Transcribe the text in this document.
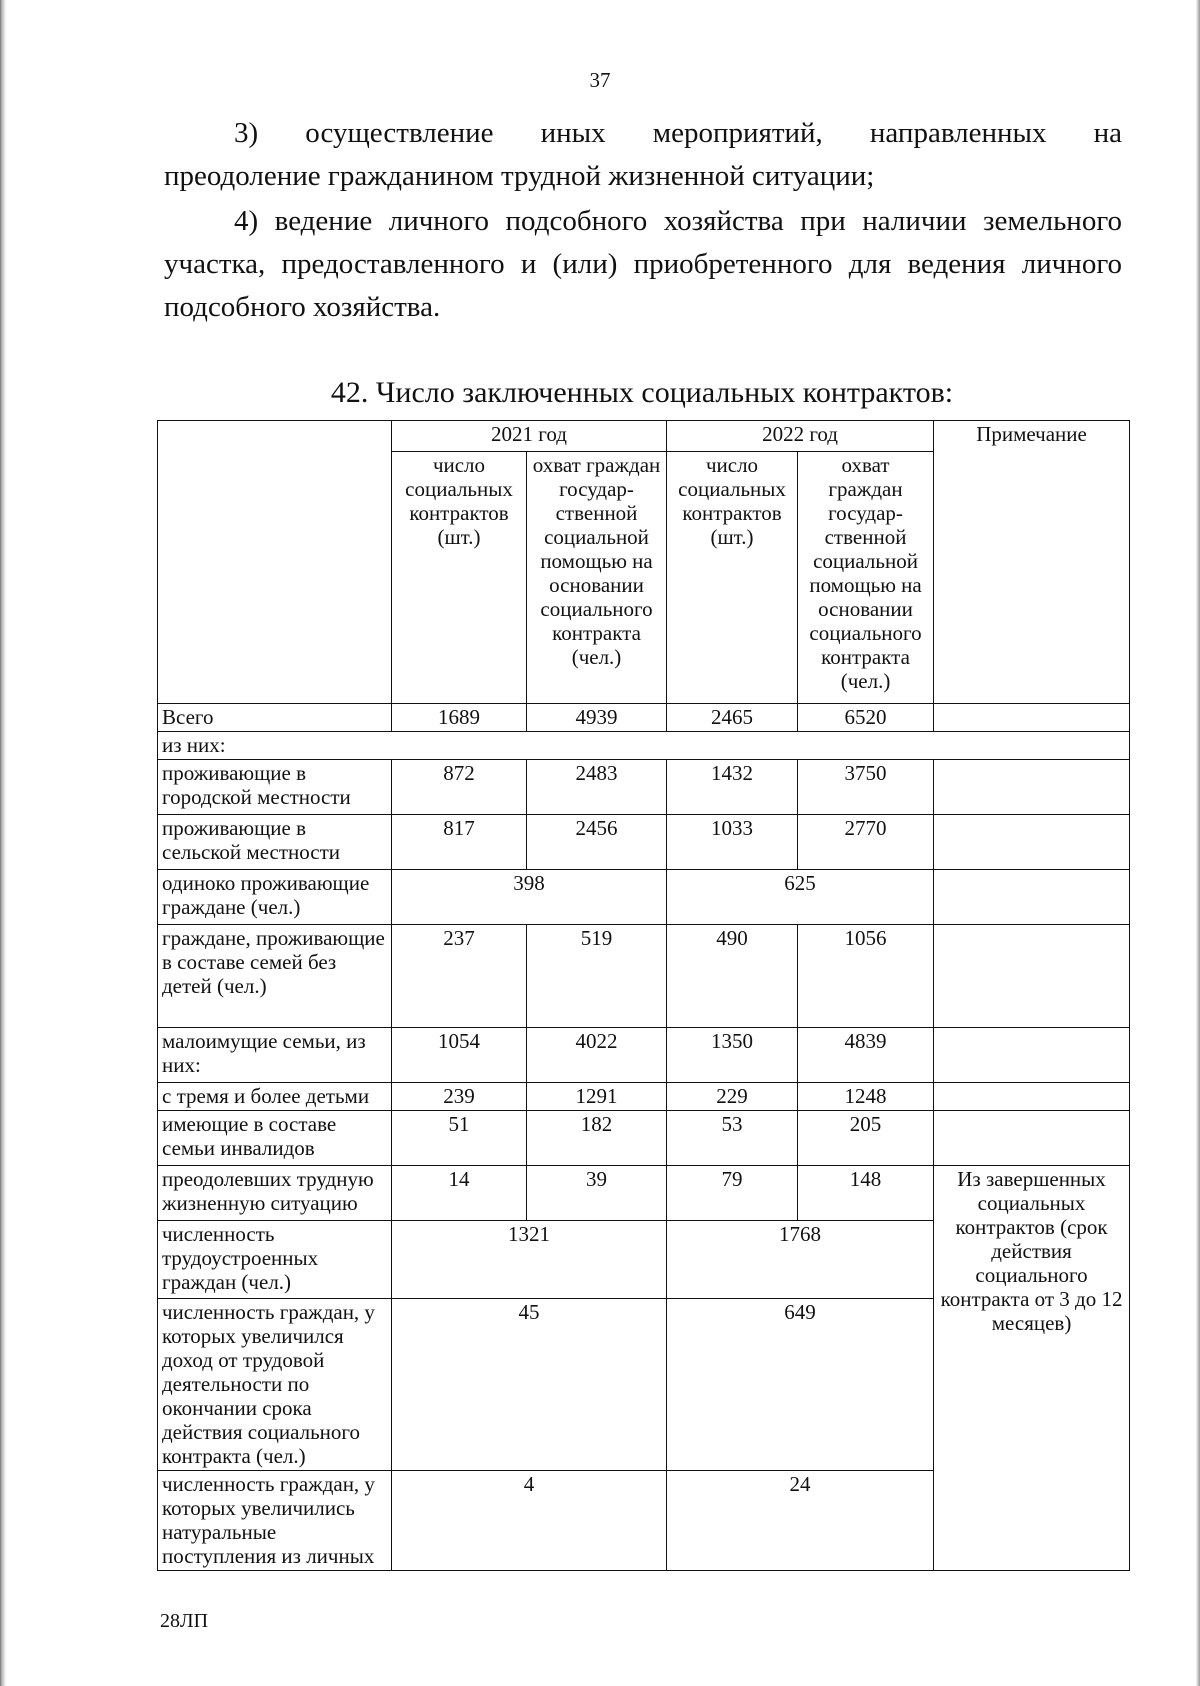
37
3) осуществление иных мероприятий, направленных на
преодоление гражданином трудной жизненной ситуации;
4) ведение личного подсобного хозяйства при наличии земельного
участка, предоставленного и (или) приобретенного для ведения личного
подсобного хозяйства.
42. Число заключенных социальных контрактов:
	2021 год		2022 год		Примечание
	число социальных контрактов (шт.)	охват граждан государ-ственной социальной помощью на основании социального контракта (чел.)	число социальных контрактов (шт.)	охват граждан государ-ственной социальной помощью на основании социального контракта (чел.)	
Всего	1689	4939	2465	6520	
из них:					
проживающие в городской местности	872	2483	1432	3750	
проживающие в сельской местности	817	2456	1033	2770	
одиноко проживающие граждане (чел.)	398		625		
граждане, проживающие в составе семей без детей (чел.)	237	519	490	1056	
малоимущие семьи, из них:	1054	4022	1350	4839	
с тремя и более детьми	239	1291	229	1248	
имеющие в составе семьи инвалидов	51	182	53	205	
преодолевших трудную жизненную ситуацию	14	39	79	148	Из завершенных социальных контрактов (срок действия социального контракта от 3 до 12 месяцев)
численность трудоустроенных граждан (чел.)	1321		1768		
численность граждан, у которых увеличился доход от трудовой деятельности по окончании срока действия социального контракта (чел.)	45		649		
численность граждан, у которых увеличились натуральные поступления из личных	4		24		
28ЛП
